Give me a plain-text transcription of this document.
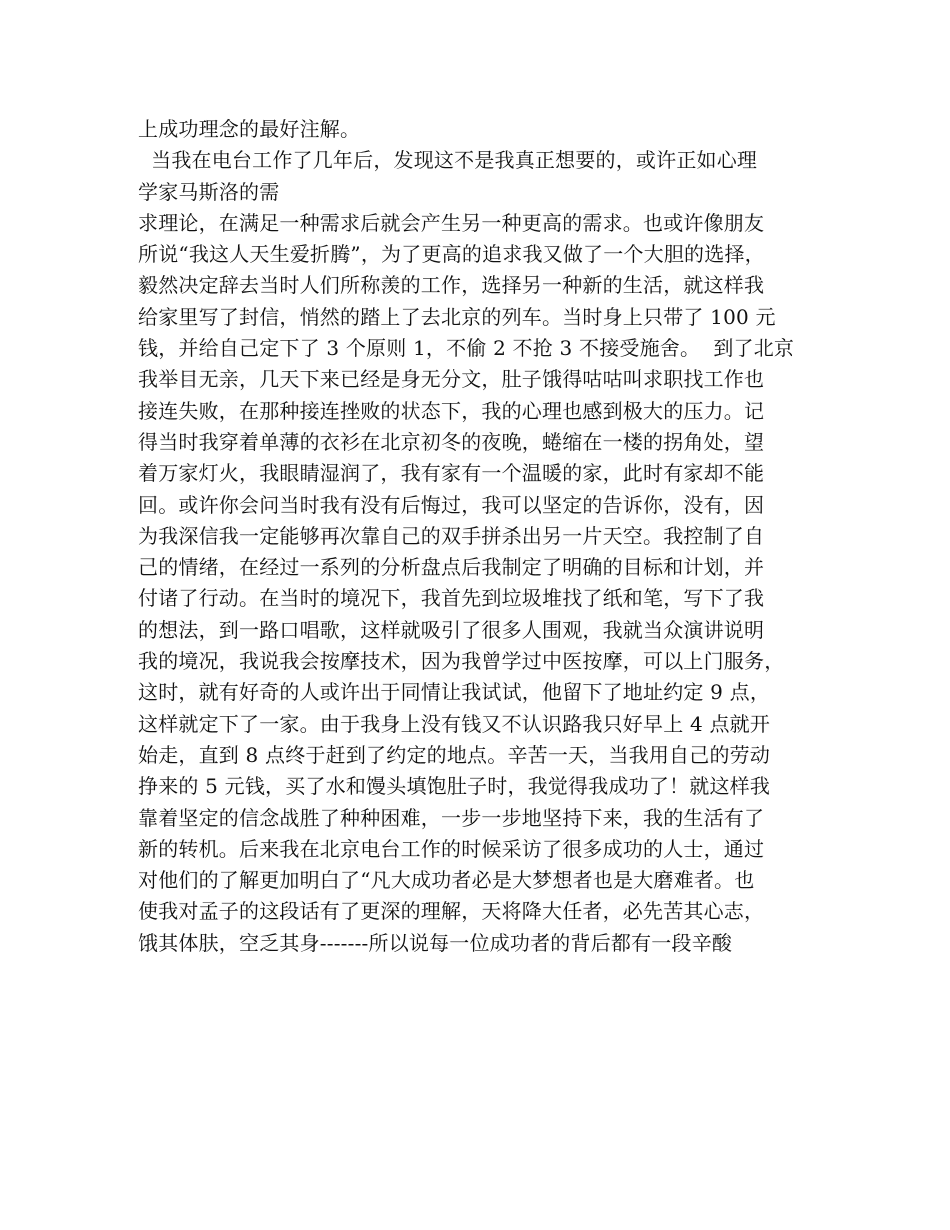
上成功理念的最好注解。
当我在电台工作了几年后，发现这不是我真正想要的，或许正如心理
学家马斯洛的需
求理论，在满足一种需求后就会产生另一种更高的需求。也或许像朋友
所说“我这人天生爱折腾”，为了更高的追求我又做了一个大胆的选择，
毅然决定辞去当时人们所称羡的工作，选择另一种新的生活，就这样我
给家里写了封信，悄然的踏上了去北京的列车。当时身上只带了 100 元
钱，并给自己定下了 3 个原则 1，不偷 2 不抢 3 不接受施舍。  到了北京
我举目无亲，几天下来已经是身无分文，肚子饿得咕咕叫求职找工作也
接连失败，在那种接连挫败的状态下，我的心理也感到极大的压力。记
得当时我穿着单薄的衣衫在北京初冬的夜晚，蜷缩在一楼的拐角处，望
着万家灯火，我眼睛湿润了，我有家有一个温暖的家，此时有家却不能
回。或许你会问当时我有没有后悔过，我可以坚定的告诉你，没有，因
为我深信我一定能够再次靠自己的双手拼杀出另一片天空。我控制了自
己的情绪，在经过一系列的分析盘点后我制定了明确的目标和计划，并
付诸了行动。在当时的境况下，我首先到垃圾堆找了纸和笔，写下了我
的想法，到一路口唱歌，这样就吸引了很多人围观，我就当众演讲说明
我的境况，我说我会按摩技术，因为我曾学过中医按摩，可以上门服务，
这时，就有好奇的人或许出于同情让我试试，他留下了地址约定 9 点，
这样就定下了一家。由于我身上没有钱又不认识路我只好早上 4 点就开
始走，直到 8 点终于赶到了约定的地点。辛苦一天，当我用自己的劳动
挣来的 5 元钱，买了水和馒头填饱肚子时，我觉得我成功了！就这样我
靠着坚定的信念战胜了种种困难，一步一步地坚持下来，我的生活有了
新的转机。后来我在北京电台工作的时候采访了很多成功的人士，通过
对他们的了解更加明白了“凡大成功者必是大梦想者也是大磨难者。也
使我对孟子的这段话有了更深的理解，天将降大任者，必先苦其心志，
饿其体肤，空乏其身-------所以说每一位成功者的背后都有一段辛酸
